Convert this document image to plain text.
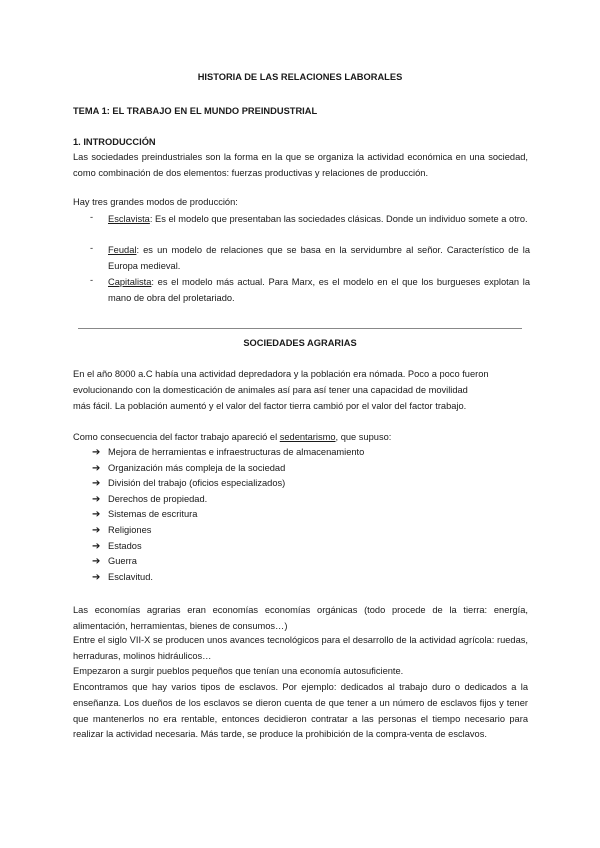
HISTORIA DE LAS RELACIONES LABORALES
TEMA 1: EL TRABAJO EN EL MUNDO PREINDUSTRIAL
1. INTRODUCCIÓN
Las sociedades preindustriales son la forma en la que se organiza la actividad económica en una sociedad, como combinación de dos elementos: fuerzas productivas y relaciones de producción.
Hay tres grandes modos de producción:
- Esclavista: Es el modelo que presentaban las sociedades clásicas. Donde un individuo somete a otro.
- Feudal: es un modelo de relaciones que se basa en la servidumbre al señor. Característico de la Europa medieval.
- Capitalista: es el modelo más actual. Para Marx, es el modelo en el que los burgueses explotan la mano de obra del proletariado.
SOCIEDADES AGRARIAS
En el año 8000 a.C había una actividad depredadora y la población era nómada. Poco a poco fueron
evolucionando con la domesticación de animales así para así tener una capacidad de movilidad
más fácil. La población aumentó y el valor del factor tierra cambió por el valor del factor trabajo.
Como consecuencia del factor trabajo apareció el sedentarismo, que supuso:
➔ Mejora de herramientas e infraestructuras de almacenamiento
➔ Organización más compleja de la sociedad
➔ División del trabajo (oficios especializados)
➔ Derechos de propiedad.
➔ Sistemas de escritura
➔ Religiones
➔ Estados
➔ Guerra
➔ Esclavitud.
Las economías agrarias eran economías economías orgánicas (todo procede de la tierra: energía, alimentación, herramientas, bienes de consumos…)
Entre el siglo VII-X se producen unos avances tecnológicos para el desarrollo de la actividad agrícola: ruedas, herraduras, molinos hidráulicos…
Empezaron a surgir pueblos pequeños que tenían una economía autosuficiente.
Encontramos que hay varios tipos de esclavos. Por ejemplo: dedicados al trabajo duro o dedicados a la enseñanza. Los dueños de los esclavos se dieron cuenta de que tener a un número de esclavos fijos y tener que mantenerlos no era rentable, entonces decidieron contratar a las personas el tiempo necesario para realizar la actividad necesaria. Más tarde, se produce la prohibición de la compra-venta de esclavos.
